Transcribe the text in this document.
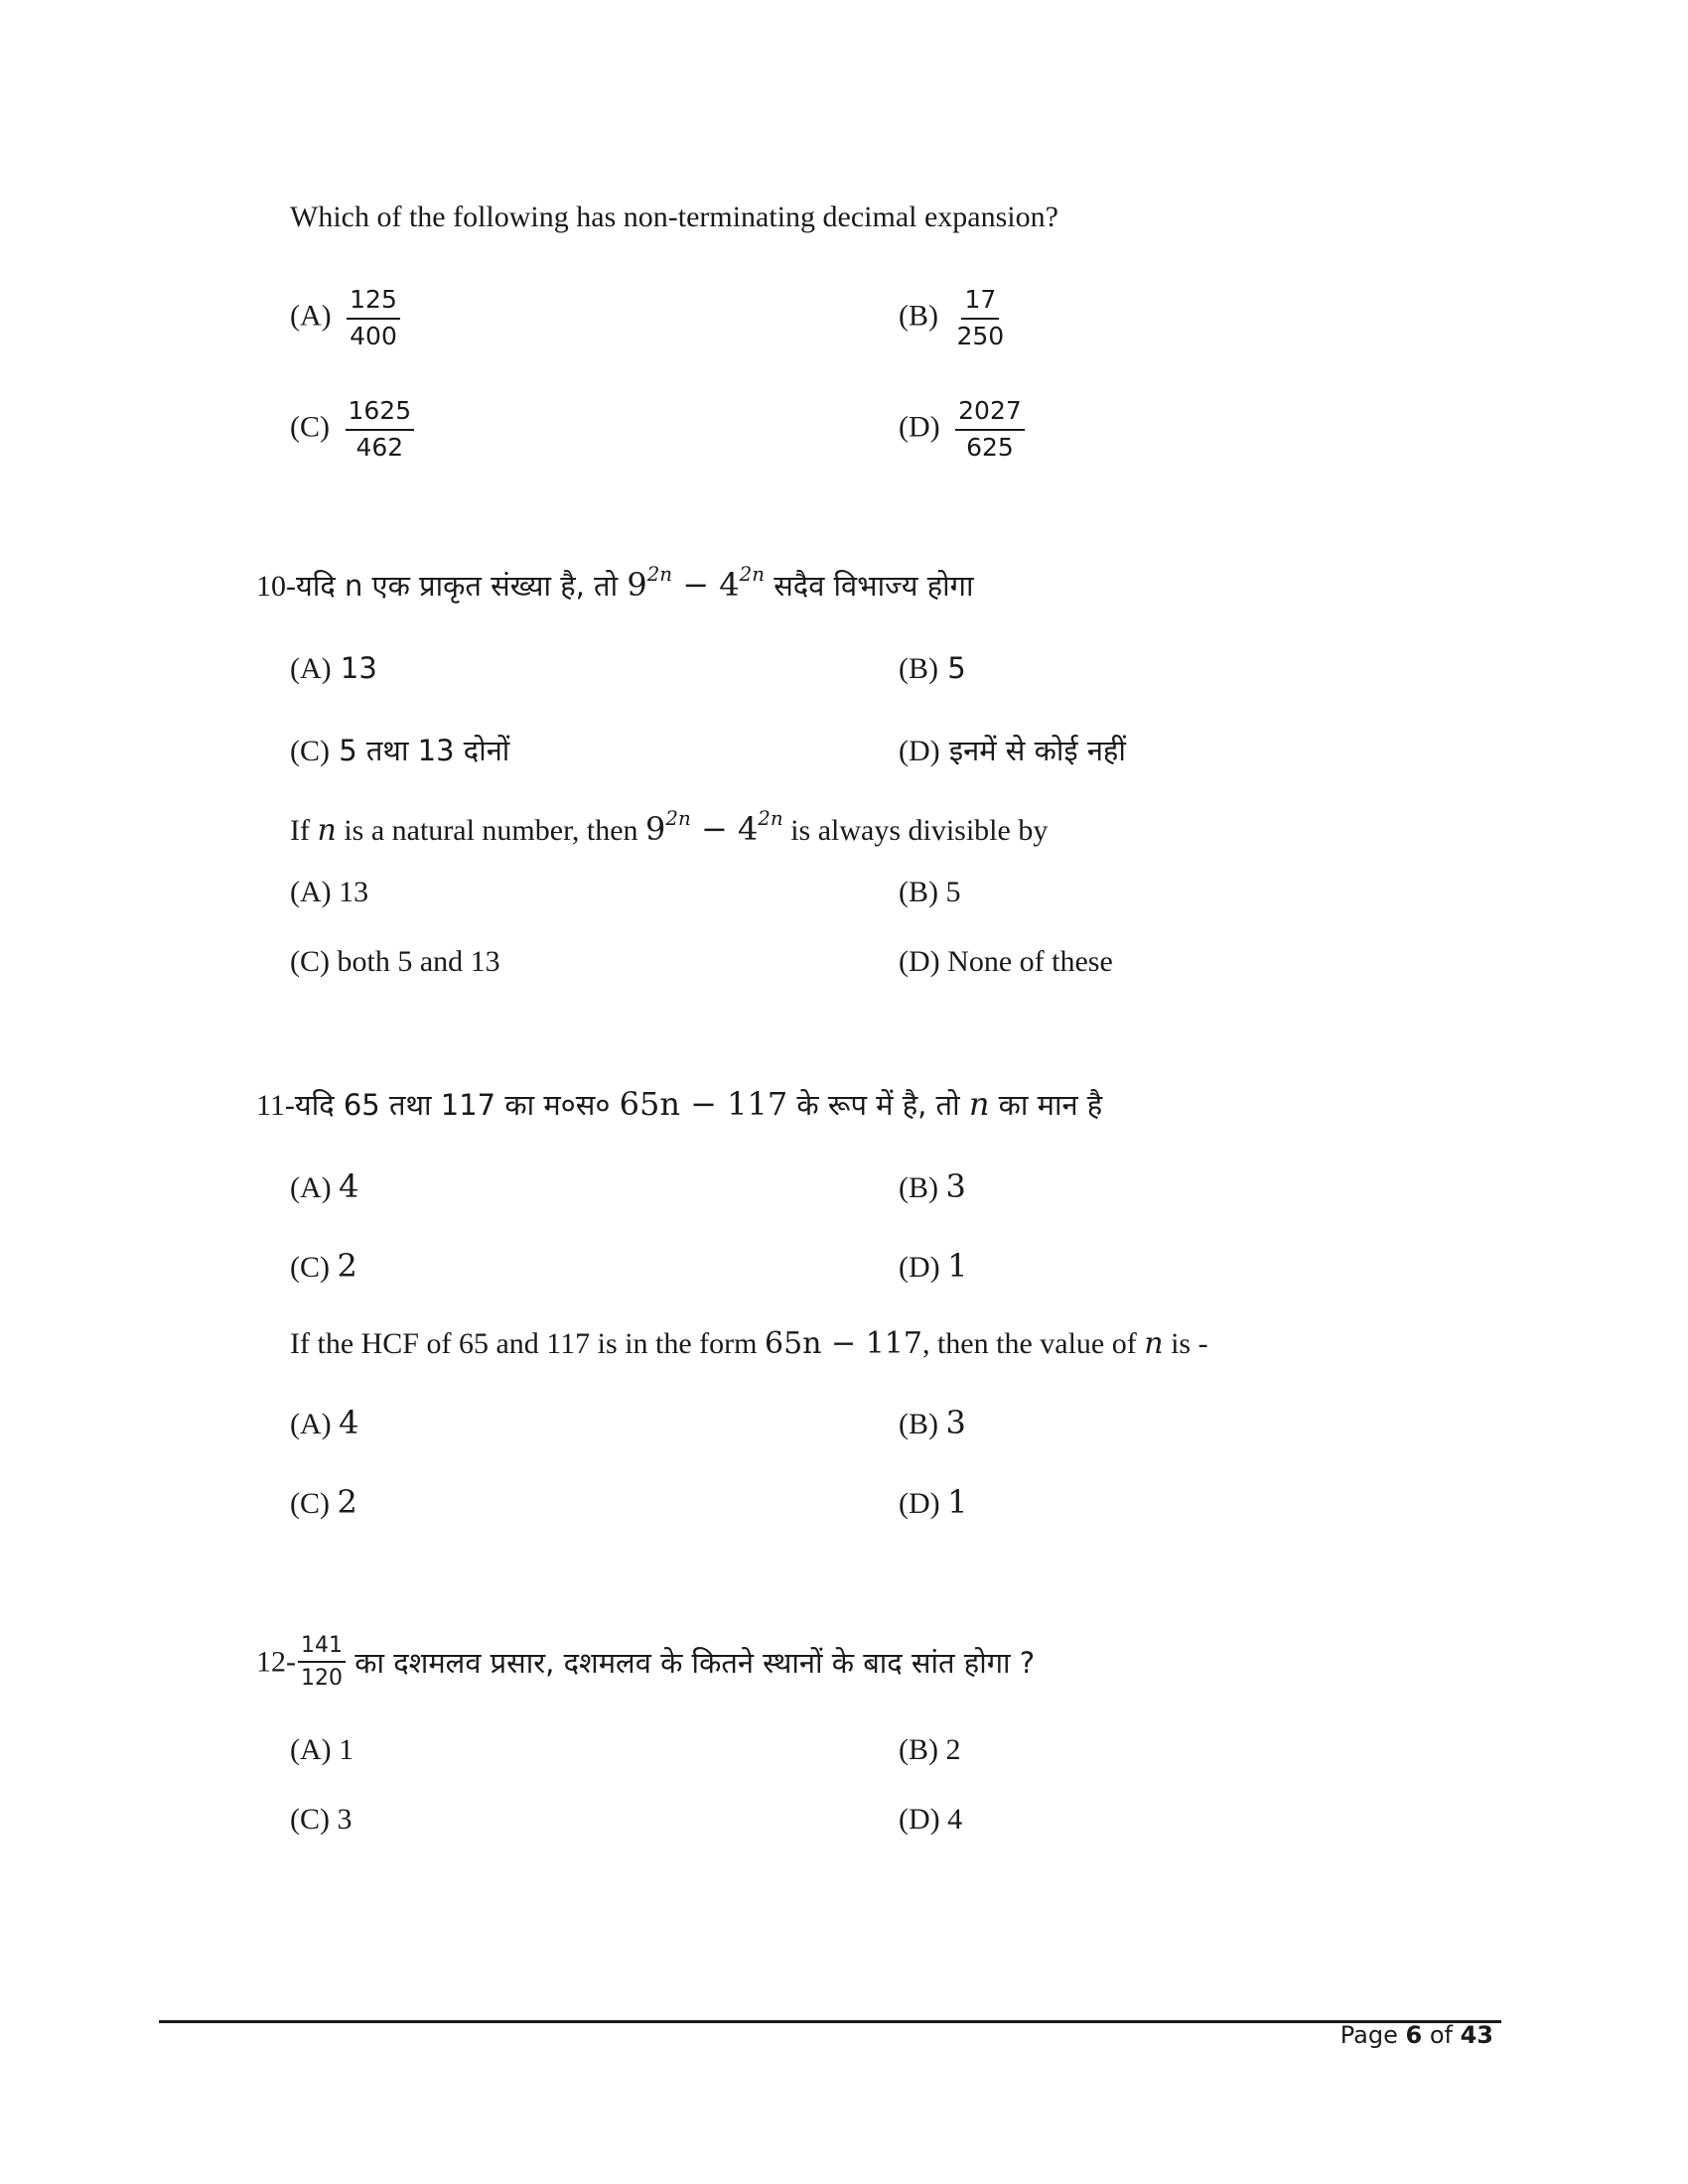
Which of the following has non-terminating decimal expansion?
$(A) \frac{125}{400}$	$(B) \frac{17}{250}$
$(C) \frac{1625}{462}$	$(D) \frac{2027}{625}$
10-यदि n एक प्राकृत संख्या है, तो $9^{2n} - 4^{2n}$ सदैव विभाज्य होगा
(A) 13	(B) 5
(C) 5 तथा 13 दोनों	(D) इनमें से कोई नहीं
If n is a natural number, then $9^{2n} - 4^{2n}$ is always divisible by
(A) 13	(B) 5
(C) both 5 and 13	(D) None of these
11-यदि 65 तथा 117 का म०स० 65n − 117 के रूप में है, तो n का मान है
(A) 4	(B) 3
(C) 2	(D) 1
If the HCF of 65 and 117 is in the form 65n − 117, then the value of n is -
(A) 4	(B) 3
(C) 2	(D) 1
$12- \frac{141}{120}$ का दशमलव प्रसार, दशमलव के कितने स्थानों के बाद सांत होगा ?
(A) 1	(B) 2
(C) 3	(D) 4
Page 6 of 43
